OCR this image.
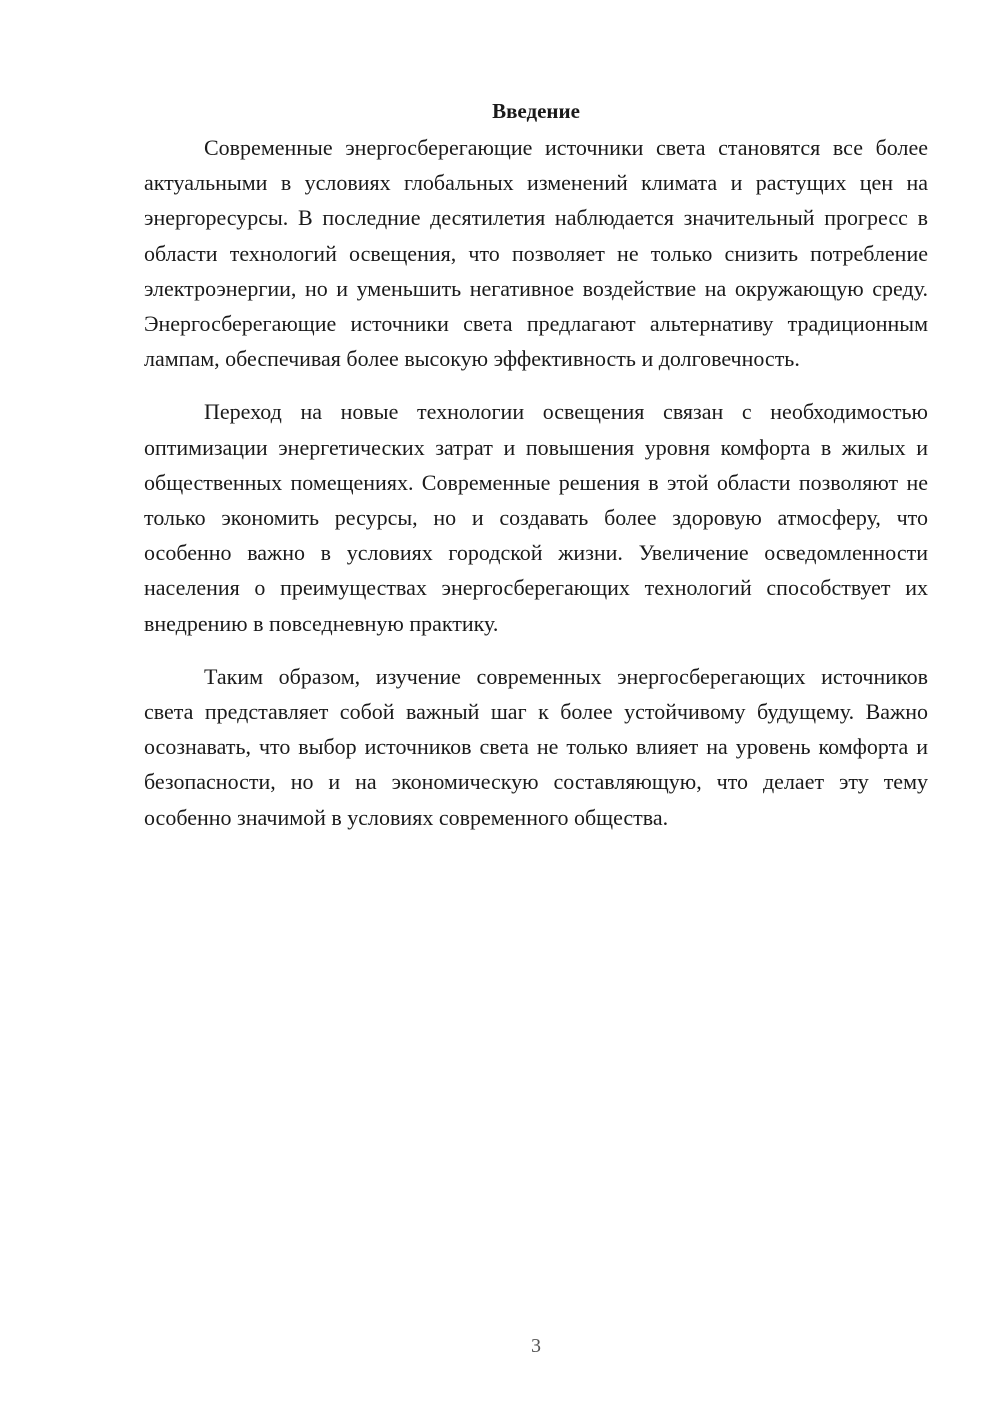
Введение

Современные энергосберегающие источники света становятся все более актуальными в условиях глобальных изменений климата и растущих цен на энергоресурсы. В последние десятилетия наблюдается значительный прогресс в области технологий освещения, что позволяет не только снизить потребление электроэнергии, но и уменьшить негативное воздействие на окружающую среду. Энергосберегающие источники света предлагают альтернативу традиционным лампам, обеспечивая более высокую эффективность и долговечность.

Переход на новые технологии освещения связан с необходимостью оптимизации энергетических затрат и повышения уровня комфорта в жилых и общественных помещениях. Современные решения в этой области позволяют не только экономить ресурсы, но и создавать более здоровую атмосферу, что особенно важно в условиях городской жизни. Увеличение осведомленности населения о преимуществах энергосберегающих технологий способствует их внедрению в повседневную практику.

Таким образом, изучение современных энергосберегающих источников света представляет собой важный шаг к более устойчивому будущему. Важно осознавать, что выбор источников света не только влияет на уровень комфорта и безопасности, но и на экономическую составляющую, что делает эту тему особенно значимой в условиях современного общества.

3
